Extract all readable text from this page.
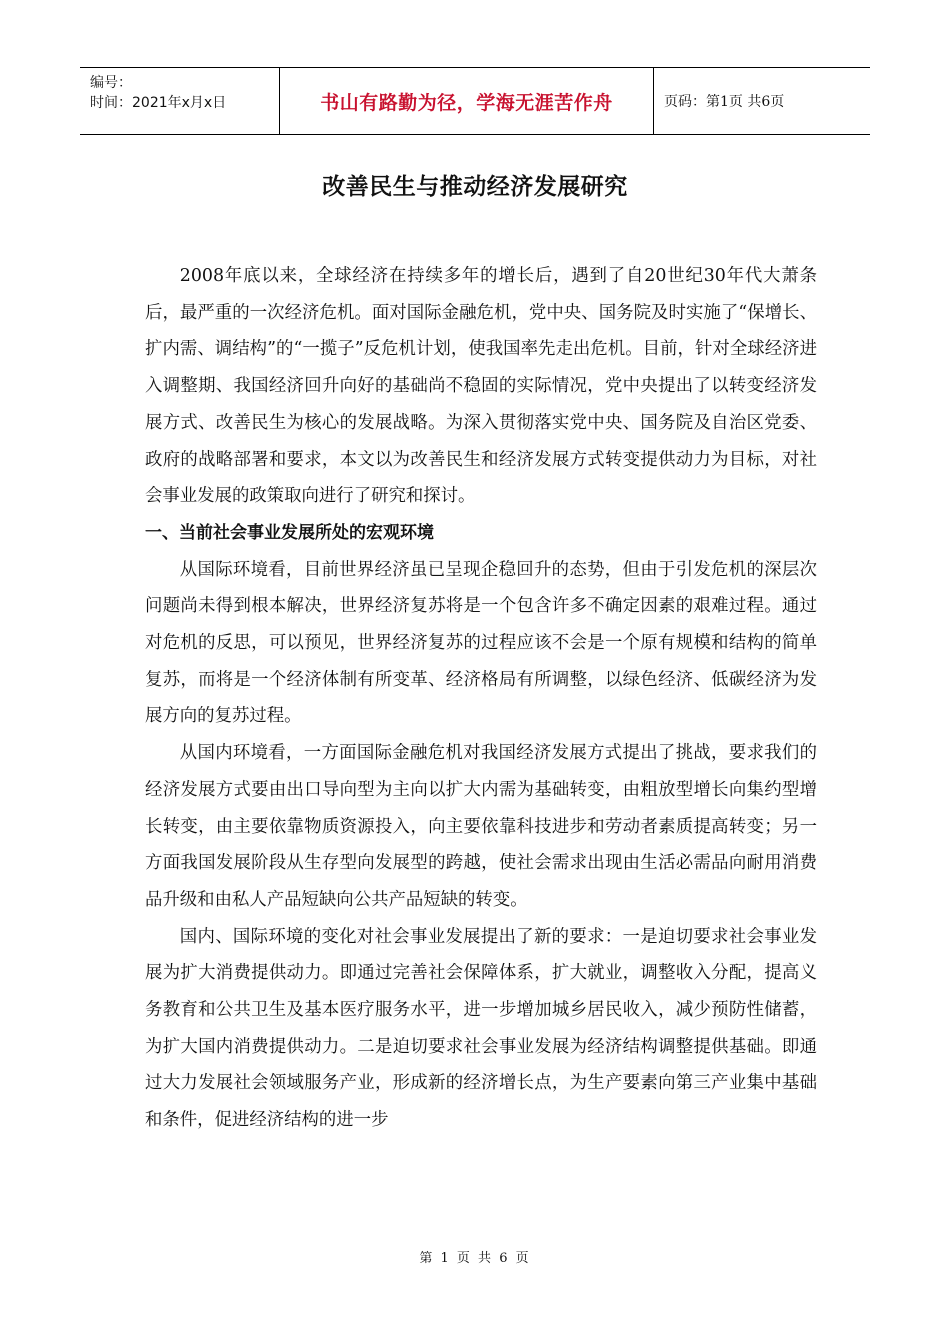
编号：
时间：2021年x月x日	书山有路勤为径，学海无涯苦作舟	页码：第1页 共6页
改善民生与推动经济发展研究

2008年底以来，全球经济在持续多年的增长后，遇到了自20世纪30年代大萧条后，最严重的一次经济危机。面对国际金融危机，党中央、国务院及时实施了“保增长、扩内需、调结构”的“一揽子”反危机计划，使我国率先走出危机。目前，针对全球经济进入调整期、我国经济回升向好的基础尚不稳固的实际情况，党中央提出了以转变经济发展方式、改善民生为核心的发展战略。为深入贯彻落实党中央、国务院及自治区党委、政府的战略部署和要求，本文以为改善民生和经济发展方式转变提供动力为目标，对社会事业发展的政策取向进行了研究和探讨。

一、当前社会事业发展所处的宏观环境

从国际环境看，目前世界经济虽已呈现企稳回升的态势，但由于引发危机的深层次问题尚未得到根本解决，世界经济复苏将是一个包含许多不确定因素的艰难过程。通过对危机的反思，可以预见，世界经济复苏的过程应该不会是一个原有规模和结构的简单复苏，而将是一个经济体制有所变革、经济格局有所调整，以绿色经济、低碳经济为发展方向的复苏过程。

从国内环境看，一方面国际金融危机对我国经济发展方式提出了挑战，要求我们的经济发展方式要由出口导向型为主向以扩大内需为基础转变，由粗放型增长向集约型增长转变，由主要依靠物质资源投入，向主要依靠科技进步和劳动者素质提高转变；另一方面我国发展阶段从生存型向发展型的跨越，使社会需求出现由生活必需品向耐用消费品升级和由私人产品短缺向公共产品短缺的转变。

国内、国际环境的变化对社会事业发展提出了新的要求：一是迫切要求社会事业发展为扩大消费提供动力。即通过完善社会保障体系，扩大就业，调整收入分配，提高义务教育和公共卫生及基本医疗服务水平，进一步增加城乡居民收入，减少预防性储蓄，为扩大国内消费提供动力。二是迫切要求社会事业发展为经济结构调整提供基础。即通过大力发展社会领域服务产业，形成新的经济增长点，为生产要素向第三产业集中基础和条件，促进经济结构的进一步

第 1 页 共 6 页
